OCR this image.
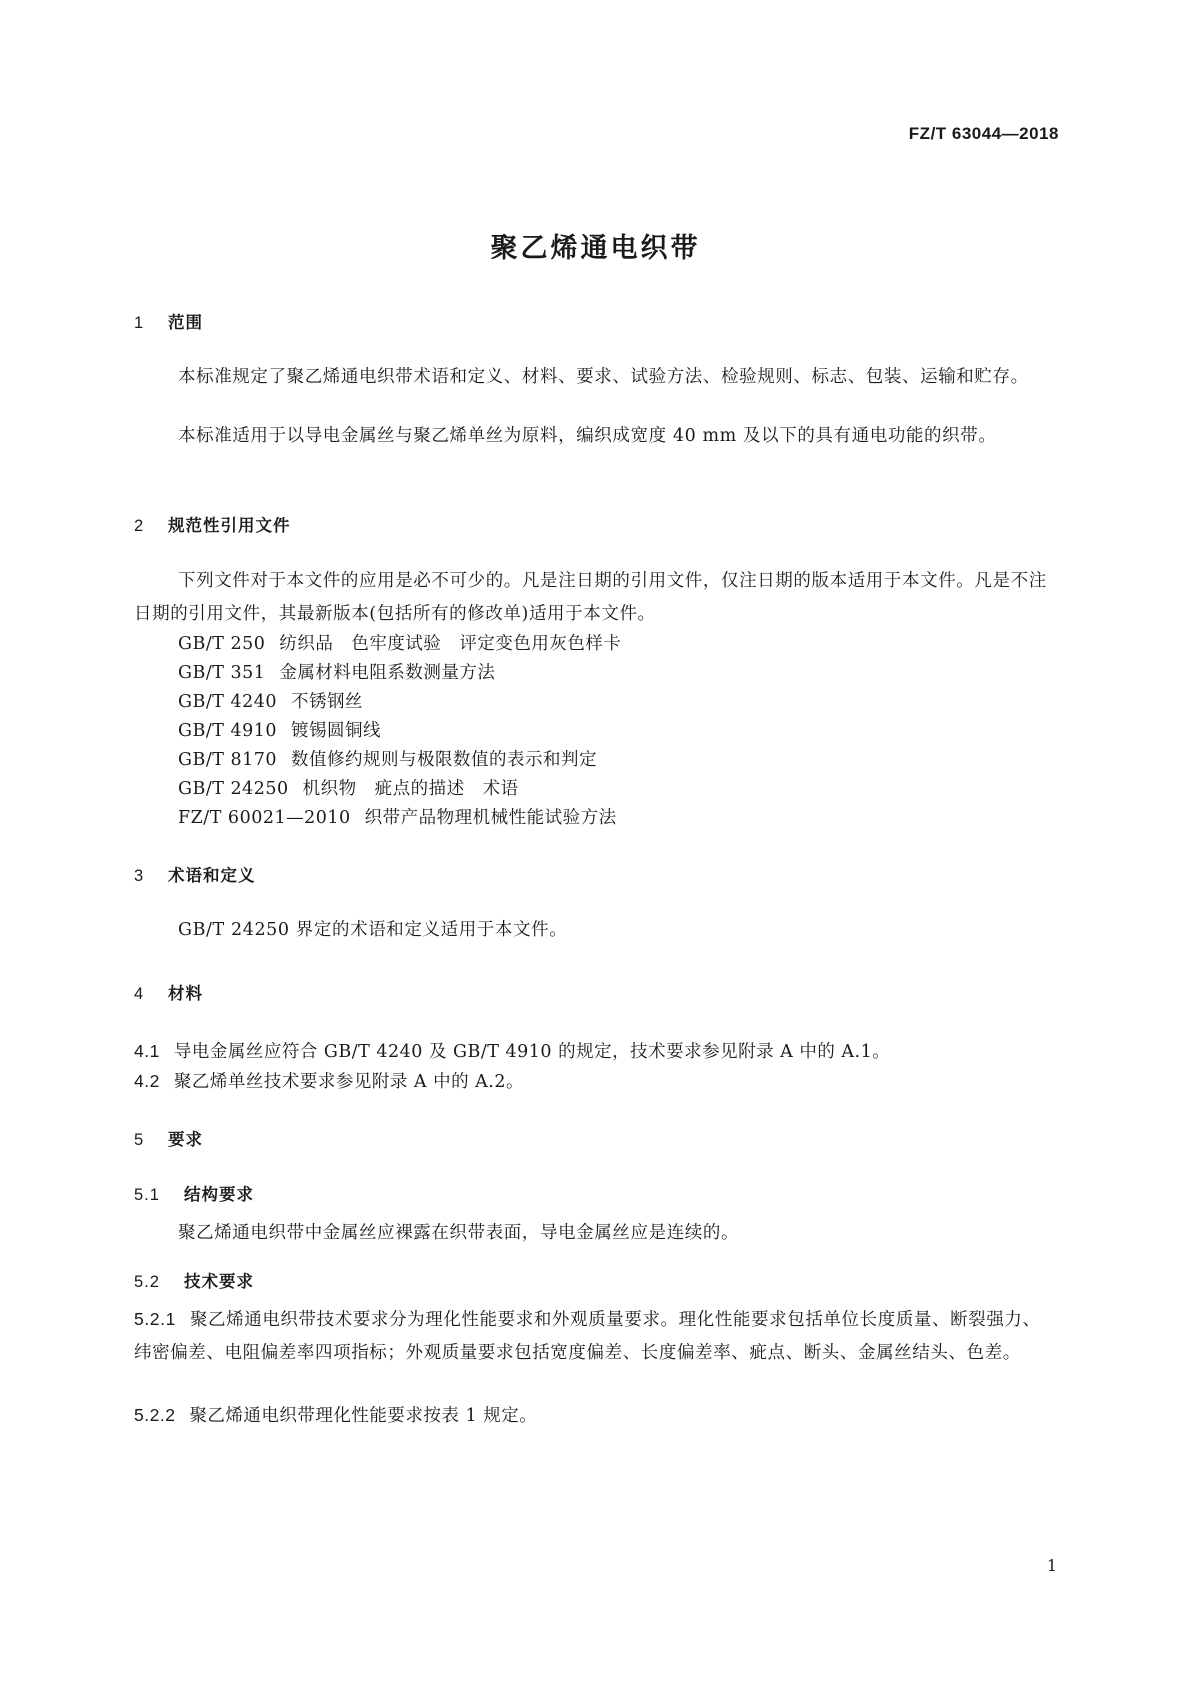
FZ/T 63044—2018
聚乙烯通电织带
1 范围
本标准规定了聚乙烯通电织带术语和定义、材料、要求、试验方法、检验规则、标志、包装、运输和贮存。
本标准适用于以导电金属丝与聚乙烯单丝为原料，编织成宽度 40 mm 及以下的具有通电功能的织带。
2 规范性引用文件
下列文件对于本文件的应用是必不可少的。凡是注日期的引用文件，仅注日期的版本适用于本文件。凡是不注日期的引用文件，其最新版本(包括所有的修改单)适用于本文件。
GB/T 250 纺织品　色牢度试验　评定变色用灰色样卡
GB/T 351 金属材料电阻系数测量方法
GB/T 4240 不锈钢丝
GB/T 4910 镀锡圆铜线
GB/T 8170 数值修约规则与极限数值的表示和判定
GB/T 24250 机织物　疵点的描述　术语
FZ/T 60021—2010 织带产品物理机械性能试验方法
3 术语和定义
GB/T 24250 界定的术语和定义适用于本文件。
4 材料
4.1 导电金属丝应符合 GB/T 4240 及 GB/T 4910 的规定，技术要求参见附录 A 中的 A.1。
4.2 聚乙烯单丝技术要求参见附录 A 中的 A.2。
5 要求
5.1 结构要求
聚乙烯通电织带中金属丝应裸露在织带表面，导电金属丝应是连续的。
5.2 技术要求
5.2.1 聚乙烯通电织带技术要求分为理化性能要求和外观质量要求。理化性能要求包括单位长度质量、断裂强力、纬密偏差、电阻偏差率四项指标；外观质量要求包括宽度偏差、长度偏差率、疵点、断头、金属丝结头、色差。
5.2.2 聚乙烯通电织带理化性能要求按表 1 规定。
1
